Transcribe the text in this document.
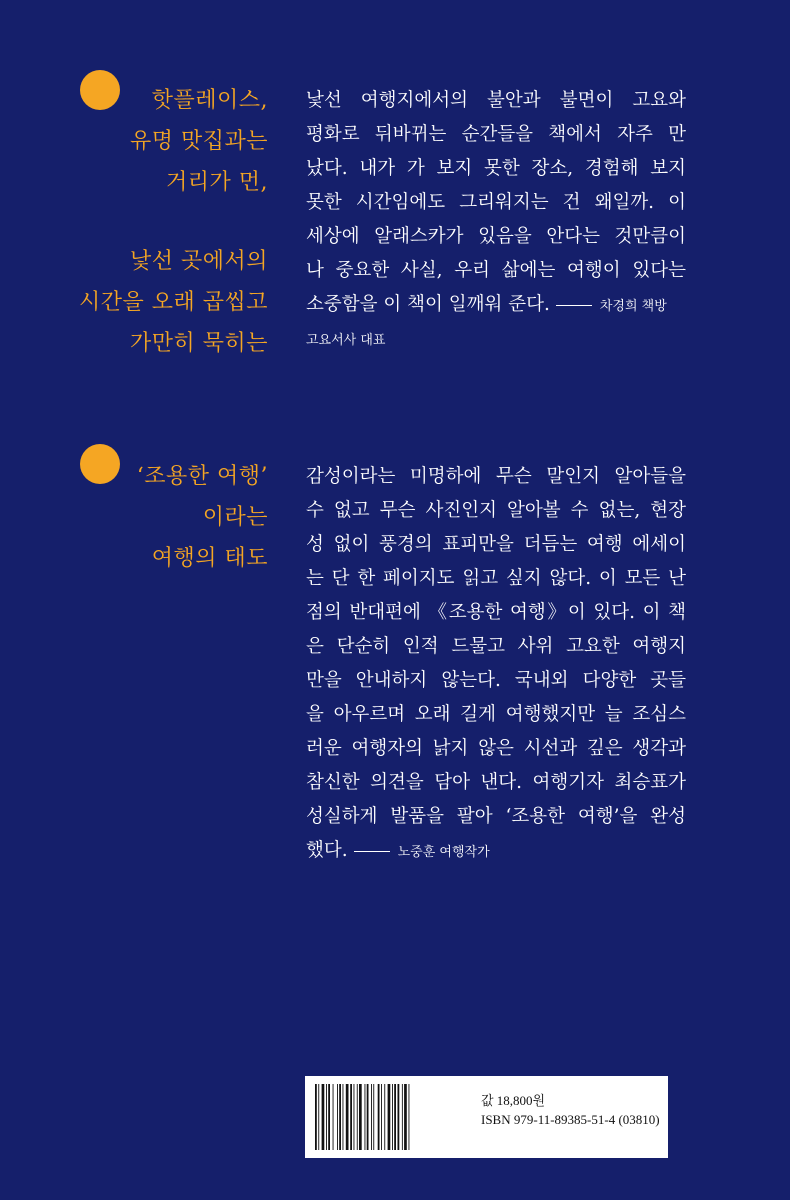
핫플레이스,
유명 맛집과는
거리가 먼,
낯선 곳에서의
시간을 오래 곱씹고
가만히 묵히는
낯선 여행지에서의 불안과 불면이 고요와
평화로 뒤바뀌는 순간들을 책에서 자주 만
났다. 내가 가 보지 못한 장소, 경험해 보지
못한 시간임에도 그리워지는 건 왜일까. 이
세상에 알래스카가 있음을 안다는 것만큼이
나 중요한 사실, 우리 삶에는 여행이 있다는
소중함을 이 책이 일깨워 준다.	차경희 책방
고요서사 대표
‘조용한 여행’
이라는
여행의 태도
감성이라는 미명하에 무슨 말인지 알아들을
수 없고 무슨 사진인지 알아볼 수 없는, 현장
성 없이 풍경의 표피만을 더듬는 여행 에세이
는 단 한 페이지도 읽고 싶지 않다. 이 모든 난
점의 반대편에 《조용한 여행》이 있다. 이 책
은 단순히 인적 드물고 사위 고요한 여행지
만을 안내하지 않는다. 국내외 다양한 곳들
을 아우르며 오래 길게 여행했지만 늘 조심스
러운 여행자의 낡지 않은 시선과 깊은 생각과
참신한 의견을 담아 낸다. 여행기자 최승표가
성실하게 발품을 팔아 ‘조용한 여행’을 완성
했다.	노중훈 여행작가
값 18,800원
ISBN 979-11-89385-51-4 (03810)
